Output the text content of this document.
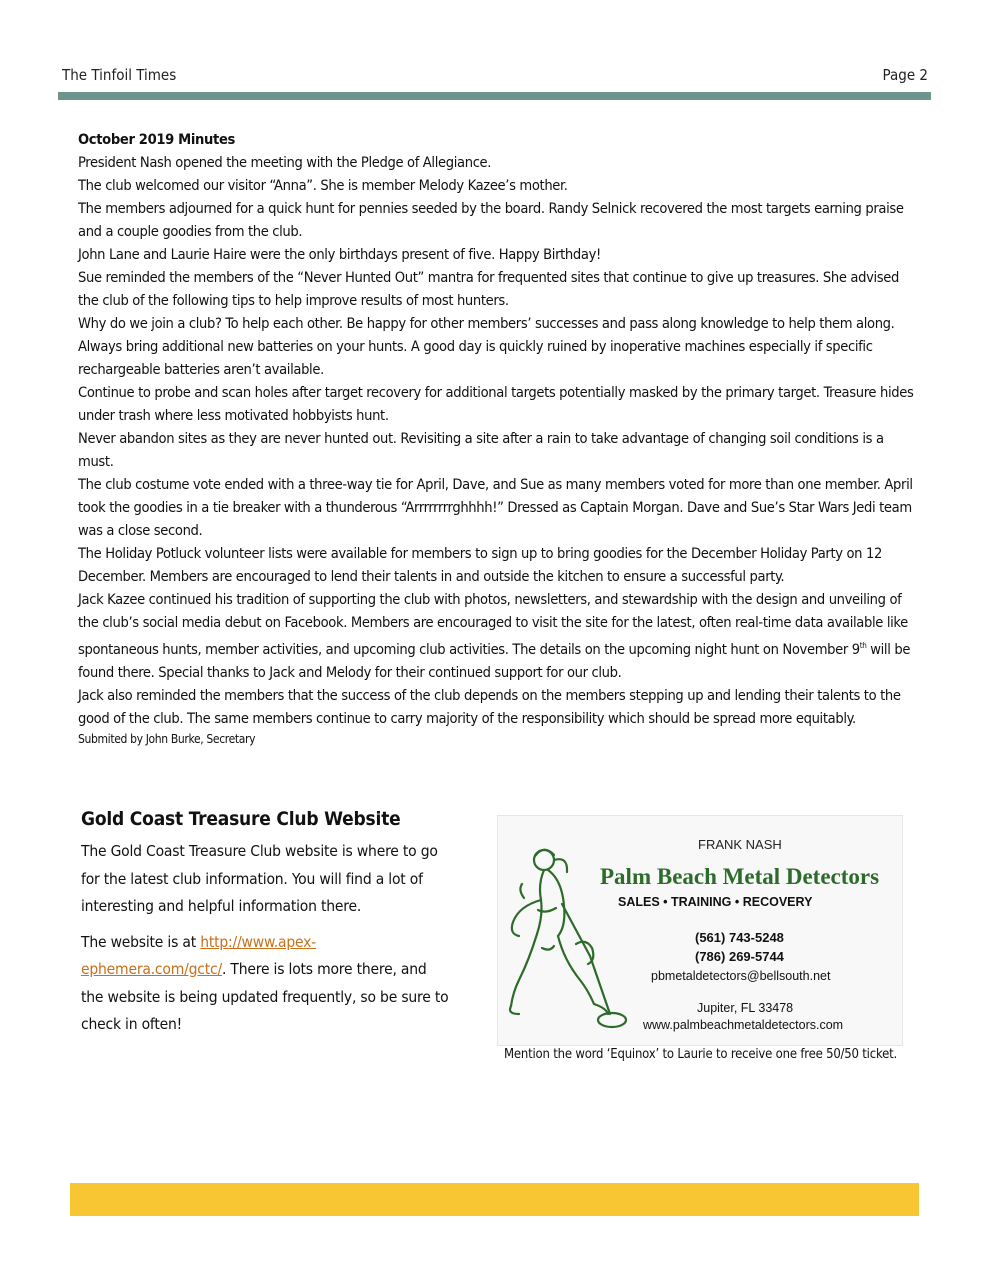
The Tinfoil Times	Page 2

October 2019 Minutes

President Nash opened the meeting with the Pledge of Allegiance.

The club welcomed our visitor “Anna”. She is member Melody Kazee’s mother.

The members adjourned for a quick hunt for pennies seeded by the board. Randy Selnick recovered the most targets earning praise and a couple goodies from the club.

John Lane and Laurie Haire were the only birthdays present of five. Happy Birthday!

Sue reminded the members of the “Never Hunted Out” mantra for frequented sites that continue to give up treasures. She advised the club of the following tips to help improve results of most hunters.

Why do we join a club? To help each other. Be happy for other members’ successes and pass along knowledge to help them along.

Always bring additional new batteries on your hunts. A good day is quickly ruined by inoperative machines especially if specific rechargeable batteries aren’t available.

Continue to probe and scan holes after target recovery for additional targets potentially masked by the primary target. Treasure hides under trash where less motivated hobbyists hunt.

Never abandon sites as they are never hunted out. Revisiting a site after a rain to take advantage of changing soil conditions is a must.

The club costume vote ended with a three-way tie for April, Dave, and Sue as many members voted for more than one member. April took the goodies in a tie breaker with a thunderous “Arrrrrrrrghhhh!” Dressed as Captain Morgan. Dave and Sue’s Star Wars Jedi team was a close second.

The Holiday Potluck volunteer lists were available for members to sign up to bring goodies for the December Holiday Party on 12 December. Members are encouraged to lend their talents in and outside the kitchen to ensure a successful party.

Jack Kazee continued his tradition of supporting the club with photos, newsletters, and stewardship with the design and unveiling of the club’s social media debut on Facebook. Members are encouraged to visit the site for the latest, often real-time data available like spontaneous hunts, member activities, and upcoming club activities. The details on the upcoming night hunt on November 9th will be found there. Special thanks to Jack and Melody for their continued support for our club.

Jack also reminded the members that the success of the club depends on the members stepping up and lending their talents to the good of the club. The same members continue to carry majority of the responsibility which should be spread more equitably.

Submited by John Burke, Secretary

Gold Coast Treasure Club Website

The Gold Coast Treasure Club website is where to go for the latest club information. You will find a lot of interesting and helpful information there.

The website is at http://www.apex-ephemera.com/gctc/. There is lots more there, and the website is being updated frequently, so be sure to check in often!

FRANK NASH
Palm Beach Metal Detectors
SALES • TRAINING • RECOVERY
(561) 743-5248
(786) 269-5744
pbmetaldetectors@bellsouth.net
Jupiter, FL 33478
www.palmbeachmetaldetectors.com
Mention the word ‘Equinox’ to Laurie to receive one free 50/50 ticket.
